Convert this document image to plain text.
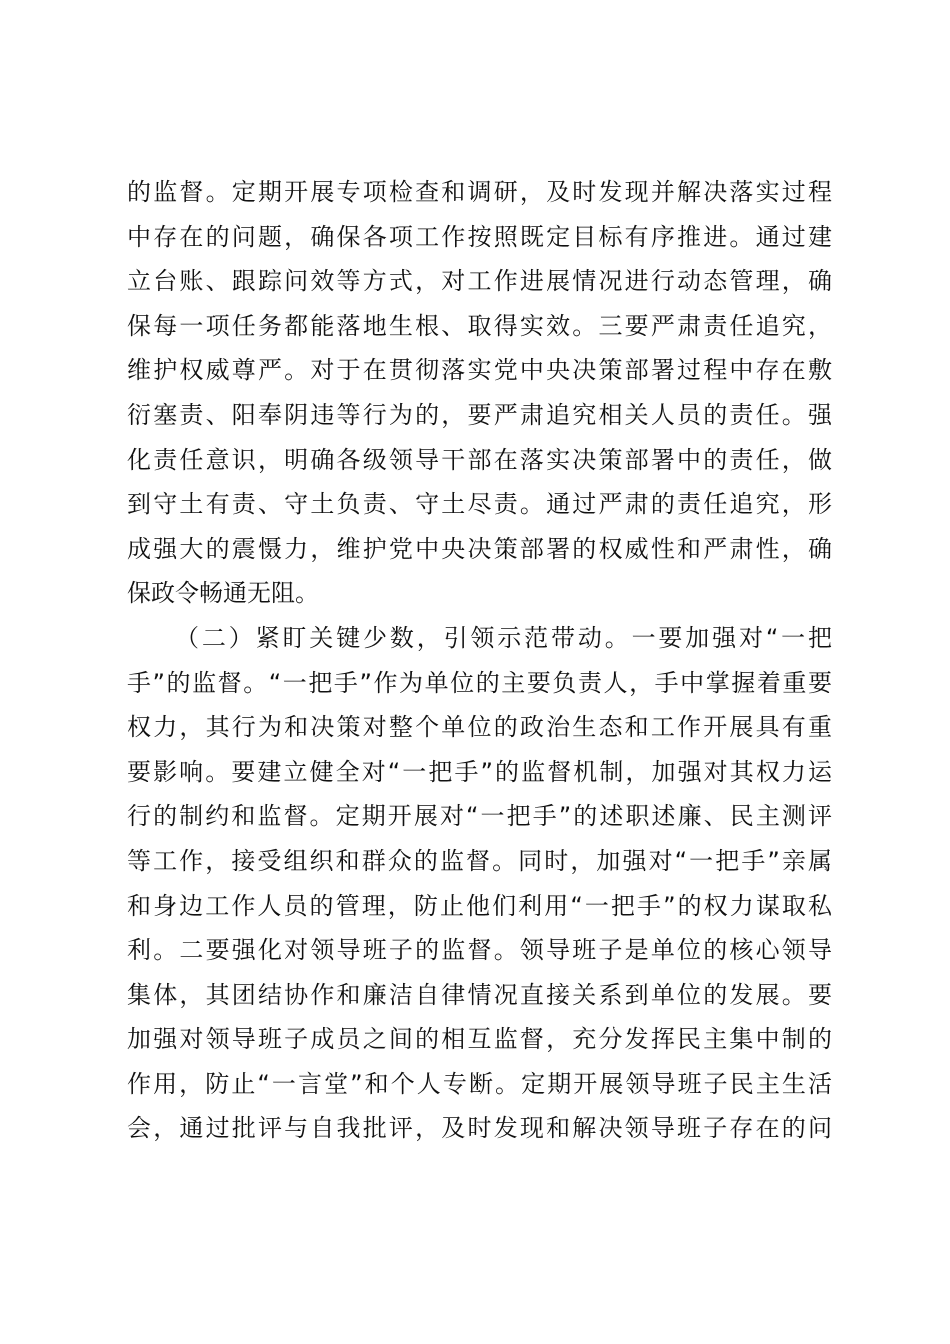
的监督。定期开展专项检查和调研，及时发现并解决落实过程
中存在的问题，确保各项工作按照既定目标有序推进。通过建
立台账、跟踪问效等方式，对工作进展情况进行动态管理，确
保每一项任务都能落地生根、取得实效。三要严肃责任追究，
维护权威尊严。对于在贯彻落实党中央决策部署过程中存在敷
衍塞责、阳奉阴违等行为的，要严肃追究相关人员的责任。强
化责任意识，明确各级领导干部在落实决策部署中的责任，做
到守土有责、守土负责、守土尽责。通过严肃的责任追究，形
成强大的震慑力，维护党中央决策部署的权威性和严肃性，确
保政令畅通无阻。
（二）紧盯关键少数，引领示范带动。一要加强对“一把
手”的监督。“一把手”作为单位的主要负责人，手中掌握着重要
权力，其行为和决策对整个单位的政治生态和工作开展具有重
要影响。要建立健全对“一把手”的监督机制，加强对其权力运
行的制约和监督。定期开展对“一把手”的述职述廉、民主测评
等工作，接受组织和群众的监督。同时，加强对“一把手”亲属
和身边工作人员的管理，防止他们利用“一把手”的权力谋取私
利。二要强化对领导班子的监督。领导班子是单位的核心领导
集体，其团结协作和廉洁自律情况直接关系到单位的发展。要
加强对领导班子成员之间的相互监督，充分发挥民主集中制的
作用，防止“一言堂”和个人专断。定期开展领导班子民主生活
会，通过批评与自我批评，及时发现和解决领导班子存在的问
